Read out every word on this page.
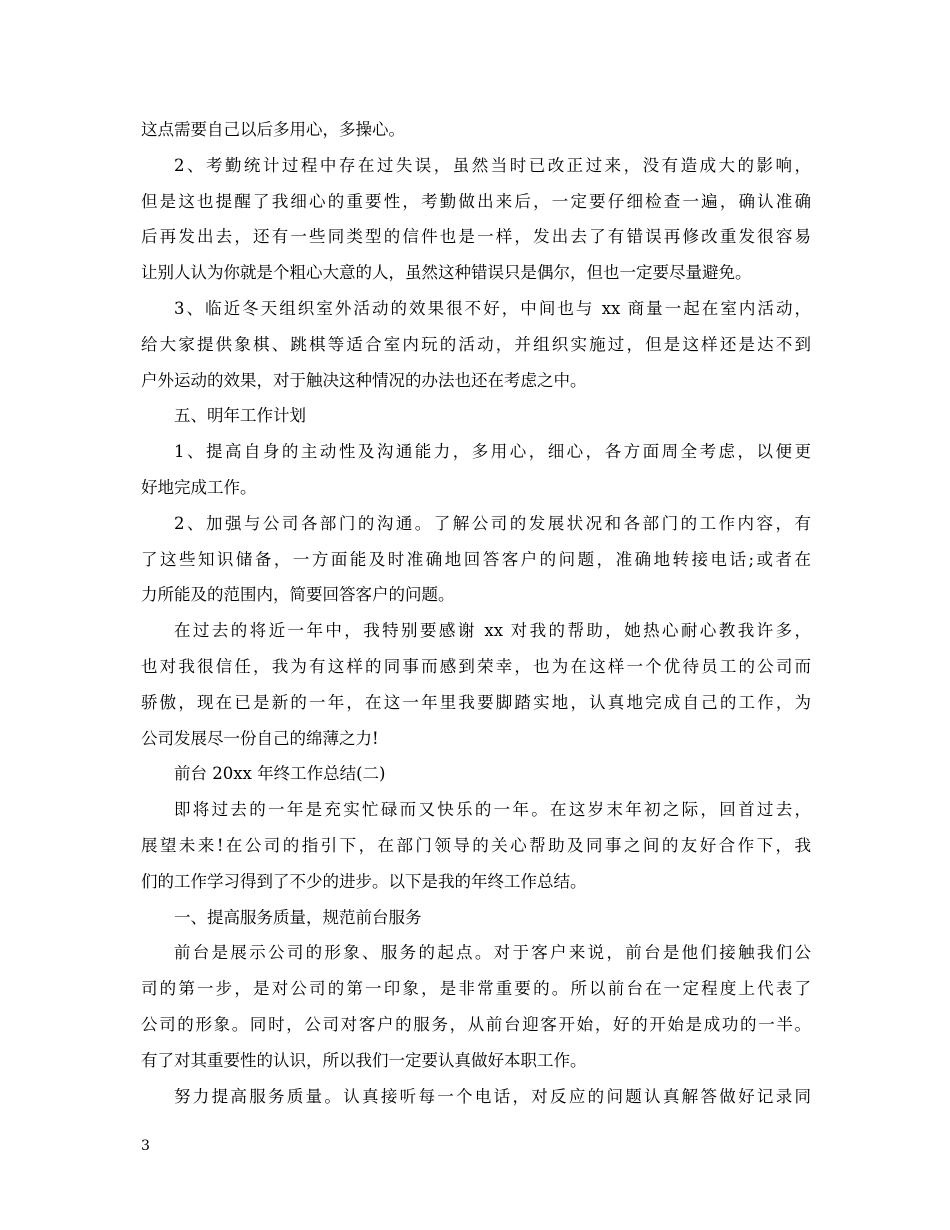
这点需要自己以后多用心，多操心。
2、考勤统计过程中存在过失误，虽然当时已改正过来，没有造成大的影响，
但是这也提醒了我细心的重要性，考勤做出来后，一定要仔细检查一遍，确认准确
后再发出去，还有一些同类型的信件也是一样，发出去了有错误再修改重发很容易
让别人认为你就是个粗心大意的人，虽然这种错误只是偶尔，但也一定要尽量避免。
3、临近冬天组织室外活动的效果很不好，中间也与 xx 商量一起在室内活动，
给大家提供象棋、跳棋等适合室内玩的活动，并组织实施过，但是这样还是达不到
户外运动的效果，对于触决这种情况的办法也还在考虑之中。
五、明年工作计划
1、提高自身的主动性及沟通能力，多用心，细心，各方面周全考虑，以便更
好地完成工作。
2、加强与公司各部门的沟通。了解公司的发展状况和各部门的工作内容，有
了这些知识储备，一方面能及时准确地回答客户的问题，准确地转接电话;或者在
力所能及的范围内，简要回答客户的问题。
在过去的将近一年中，我特别要感谢 xx 对我的帮助，她热心耐心教我许多，
也对我很信任，我为有这样的同事而感到荣幸，也为在这样一个优待员工的公司而
骄傲，现在已是新的一年，在这一年里我要脚踏实地，认真地完成自己的工作，为
公司发展尽一份自己的绵薄之力!
前台 20xx 年终工作总结(二)
即将过去的一年是充实忙碌而又快乐的一年。在这岁末年初之际，回首过去，
展望未来!在公司的指引下，在部门领导的关心帮助及同事之间的友好合作下，我
们的工作学习得到了不少的进步。以下是我的年终工作总结。
一、提高服务质量，规范前台服务
前台是展示公司的形象、服务的起点。对于客户来说，前台是他们接触我们公
司的第一步，是对公司的第一印象，是非常重要的。所以前台在一定程度上代表了
公司的形象。同时，公司对客户的服务，从前台迎客开始，好的开始是成功的一半。
有了对其重要性的认识，所以我们一定要认真做好本职工作。
努力提高服务质量。认真接听每一个电话，对反应的问题认真解答做好记录同
3
